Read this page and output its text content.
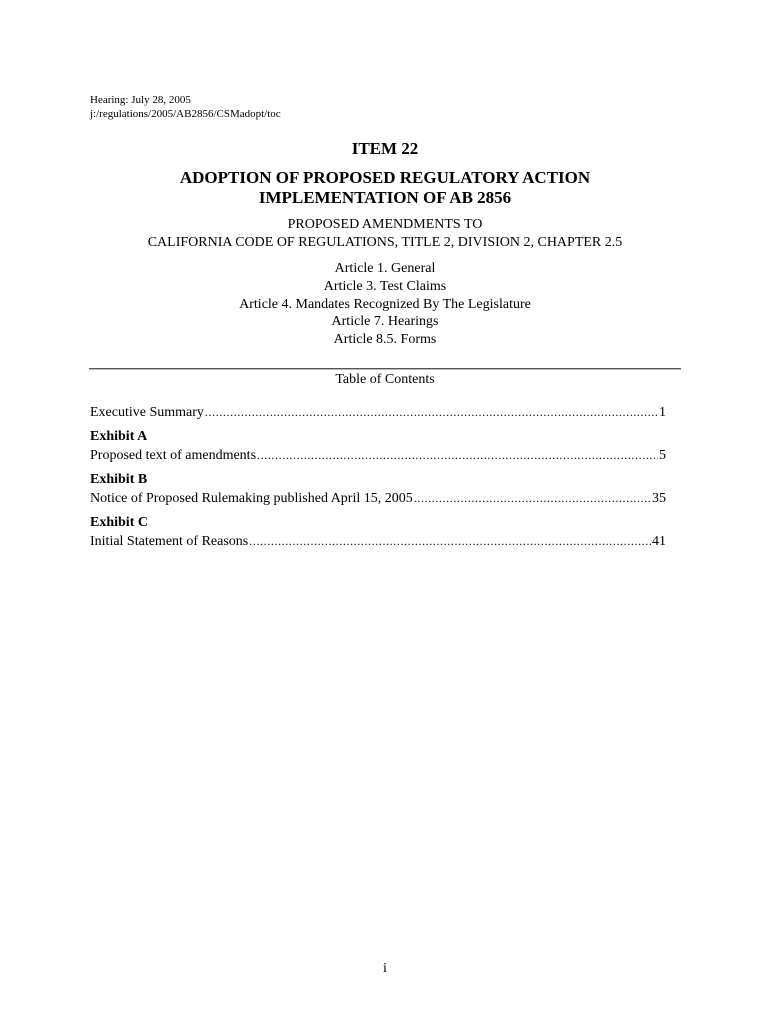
Hearing: July 28, 2005
j:/regulations/2005/AB2856/CSMadopt/toc
ITEM 22
ADOPTION OF PROPOSED REGULATORY ACTION
IMPLEMENTATION OF AB 2856
PROPOSED AMENDMENTS TO
CALIFORNIA CODE OF REGULATIONS, TITLE 2, DIVISION 2, CHAPTER 2.5
Article 1. General
Article 3. Test Claims
Article 4. Mandates Recognized By The Legislature
Article 7. Hearings
Article 8.5. Forms
Table of Contents
Executive Summary .....	1
Exhibit A
Proposed text of amendments .....	5
Exhibit B
Notice of Proposed Rulemaking published April 15, 2005 .....	35
Exhibit C
Initial Statement of Reasons .....	41
i
